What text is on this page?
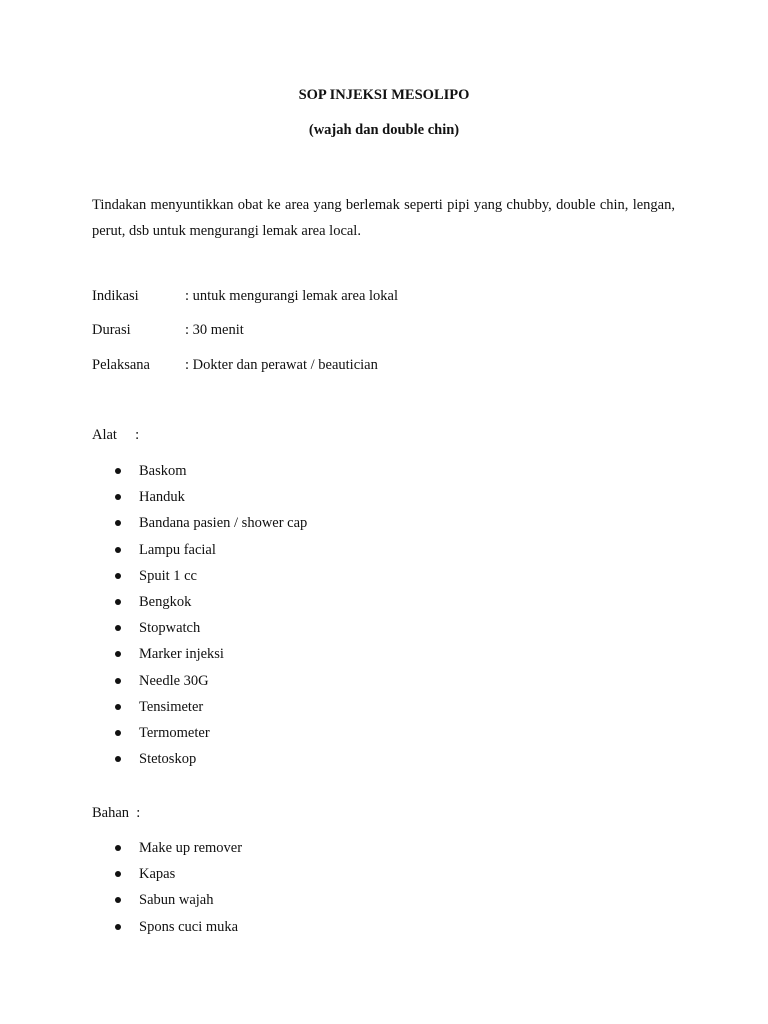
SOP INJEKSI MESOLIPO
(wajah dan double chin)
Tindakan menyuntikkan obat ke area yang berlemak seperti pipi yang chubby, double chin, lengan, perut, dsb untuk mengurangi lemak area local.
Indikasi	: untuk mengurangi lemak area lokal
Durasi	: 30 menit
Pelaksana : Dokter dan perawat / beautician
Alat     :
Baskom
Handuk
Bandana pasien / shower cap
Lampu facial
Spuit 1 cc
Bengkok
Stopwatch
Marker injeksi
Needle 30G
Tensimeter
Termometer
Stetoskop
Bahan  :
Make up remover
Kapas
Sabun wajah
Spons cuci muka
